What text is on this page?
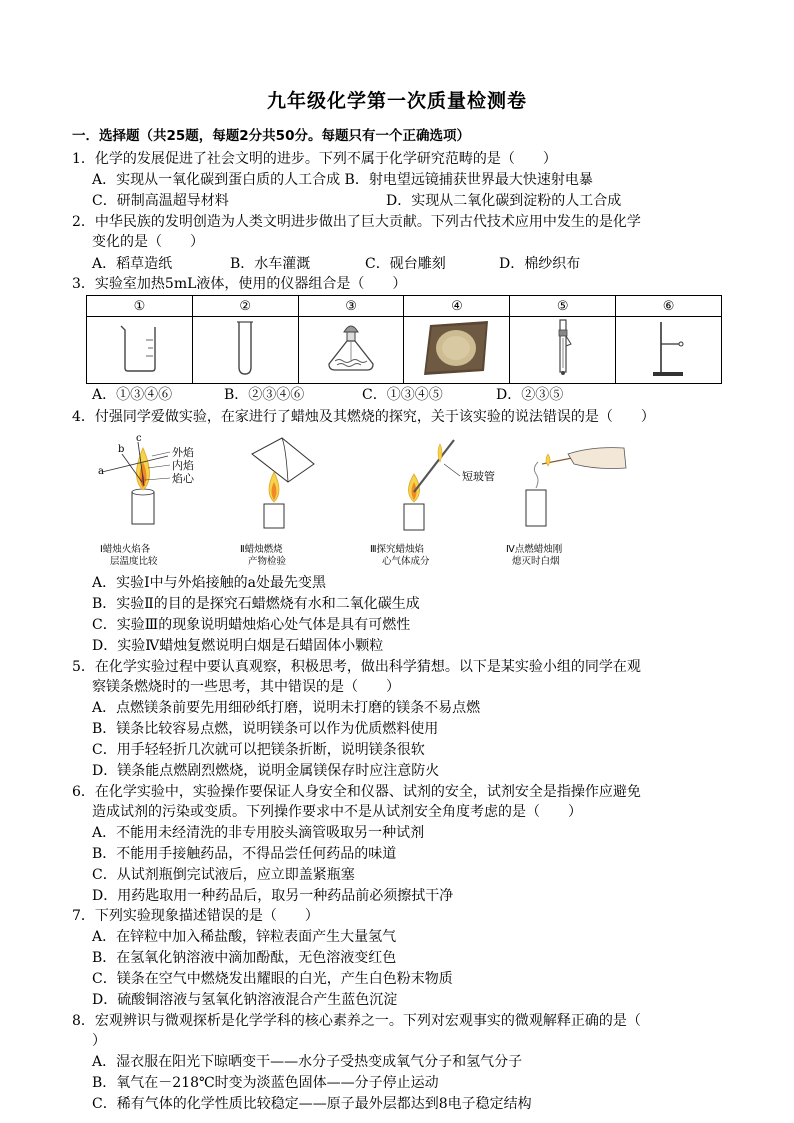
九年级化学第一次质量检测卷
一．选择题（共25题，每题2分共50分。每题只有一个正确选项）
1．化学的发展促进了社会文明的进步。下列不属于化学研究范畴的是（　　）
A．实现从一氧化碳到蛋白质的人工合成 B．射电望远镜捕获世界最大快速射电暴
C．研制高温超导材料	D．实现从二氧化碳到淀粉的人工合成
2．中华民族的发明创造为人类文明进步做出了巨大贡献。下列古代技术应用中发生的是化学
变化的是（　　）
A．稻草造纸	B．水车灌溉	C．砚台雕刻	D．棉纱织布
3．实验室加热5mL液体，使用的仪器组合是（　　）
①	②	③	④	⑤	⑥

A．①③④⑥	B．②③④⑥	C．①③④⑤	D．②③⑤
4．付强同学爱做实验，在家进行了蜡烛及其燃烧的探究，关于该实验的说法错误的是（　　）
a
b
c
外焰
内焰
焰心
Ⅰ蜡烛火焰各
层温度比较
Ⅱ蜡烛燃烧
产物检验
短玻管
Ⅲ探究蜡烛焰
心气体成分
Ⅳ点燃蜡烛刚
熄灭时白烟
A．实验Ⅰ中与外焰接触的a处最先变黑
B．实验Ⅱ的目的是探究石蜡燃烧有水和二氧化碳生成
C．实验Ⅲ的现象说明蜡烛焰心处气体是具有可燃性
D．实验Ⅳ蜡烛复燃说明白烟是石蜡固体小颗粒
5．在化学实验过程中要认真观察，积极思考，做出科学猜想。以下是某实验小组的同学在观
察镁条燃烧时的一些思考，其中错误的是（　　）
A．点燃镁条前要先用细砂纸打磨，说明未打磨的镁条不易点燃
B．镁条比较容易点燃，说明镁条可以作为优质燃料使用
C．用手轻轻折几次就可以把镁条折断，说明镁条很软
D．镁条能点燃剧烈燃烧，说明金属镁保存时应注意防火
6．在化学实验中，实验操作要保证人身安全和仪器、试剂的安全，试剂安全是指操作应避免
造成试剂的污染或变质。下列操作要求中不是从试剂安全角度考虑的是（　　）
A．不能用未经清洗的非专用胶头滴管吸取另一种试剂
B．不能用手接触药品，不得品尝任何药品的味道
C．从试剂瓶倒完试液后，应立即盖紧瓶塞
D．用药匙取用一种药品后，取另一种药品前必须擦拭干净
7．下列实验现象描述错误的是（　　）
A．在锌粒中加入稀盐酸，锌粒表面产生大量氢气
B．在氢氧化钠溶液中滴加酚酞，无色溶液变红色
C．镁条在空气中燃烧发出耀眼的白光，产生白色粉末物质
D．硫酸铜溶液与氢氧化钠溶液混合产生蓝色沉淀
8．宏观辨识与微观探析是化学学科的核心素养之一。下列对宏观事实的微观解释正确的是（
）
A．湿衣服在阳光下晾晒变干——水分子受热变成氧气分子和氢气分子
B．氧气在－218℃时变为淡蓝色固体——分子停止运动
C．稀有气体的化学性质比较稳定——原子最外层都达到8电子稳定结构
